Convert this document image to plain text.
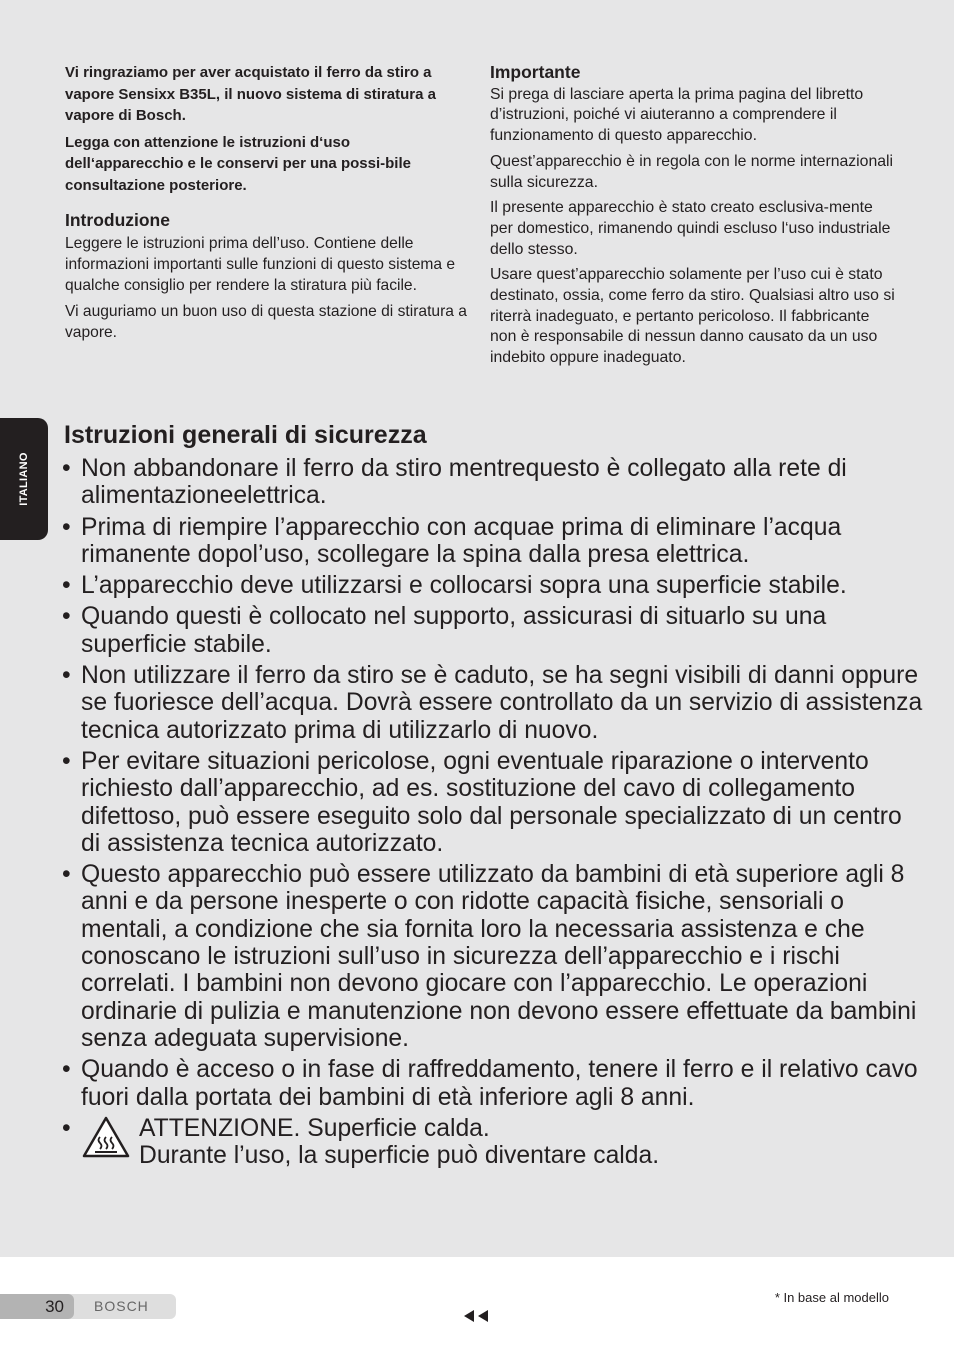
ITALIANO

Vi ringraziamo per aver acquistato il ferro da stiro a vapore Sensixx B35L, il nuovo sistema di stiratura a vapore di Bosch.

Legga con attenzione le istruzioni d‘uso dell‘apparecchio e le conservi per una possi-bile consultazione posteriore.

Introduzione

Leggere le istruzioni prima dell’uso. Contiene delle informazioni importanti sulle funzioni di questo sistema e qualche consiglio per rendere la stiratura più facile.

Vi auguriamo un buon uso di questa stazione di stiratura a vapore.

Importante

Si prega di lasciare aperta la prima pagina del libretto d’istruzioni, poiché vi aiuteranno a comprendere il funzionamento di questo apparecchio.

Quest’apparecchio è in regola con le norme internazionali sulla sicurezza.

Il presente apparecchio è stato creato esclusiva-mente per domestico, rimanendo quindi escluso l‘uso industriale dello stesso.

Usare quest’apparecchio solamente per l’uso cui è stato destinato, ossia, come ferro da stiro. Qualsiasi altro uso si riterrà inadeguato, e pertanto pericoloso. Il fabbricante non è responsabile di nessun danno causato da un uso indebito oppure inadeguato.

Istruzioni generali di sicurezza
• Non abbandonare il ferro da stiro mentrequesto è collegato alla rete di alimentazioneelettrica.
• Prima di riempire l’apparecchio con acquae prima di eliminare l’acqua rimanente dopol’uso, scollegare la spina dalla presa elettrica.
• L’apparecchio deve utilizzarsi e collocarsi sopra una superficie stabile.
• Quando questi è collocato nel supporto, assicurasi di situarlo su una superficie stabile.
• Non utilizzare il ferro da stiro se è caduto, se ha segni visibili di danni oppure se fuoriesce dell’acqua. Dovrà essere controllato da un servizio di assistenza tecnica autorizzato prima di utilizzarlo di nuovo.
• Per evitare situazioni pericolose, ogni eventuale riparazione o intervento richiesto dall’apparecchio, ad es. sostituzione del cavo di collegamento difettoso, può essere eseguito solo dal personale specializzato di un centro di assistenza tecnica autorizzato.
• Questo apparecchio può essere utilizzato da bambini di età superiore agli 8 anni e da persone inesperte o con ridotte capacità fisiche, sensoriali o mentali, a condizione che sia fornita loro la necessaria assistenza e che conoscano le istruzioni sull’uso in sicurezza dell’apparecchio e i rischi correlati. I bambini non devono giocare con l’apparecchio. Le operazioni ordinarie di pulizia e manutenzione non devono essere effettuate da bambini senza adeguata supervisione.
• Quando è acceso o in fase di raffreddamento, tenere il ferro e il relativo cavo fuori dalla portata dei bambini di età inferiore agli 8 anni.
•	ATTENZIONE. Superficie calda.
Durante l’uso, la superficie può diventare calda.
30	BOSCH
* In base al modello
